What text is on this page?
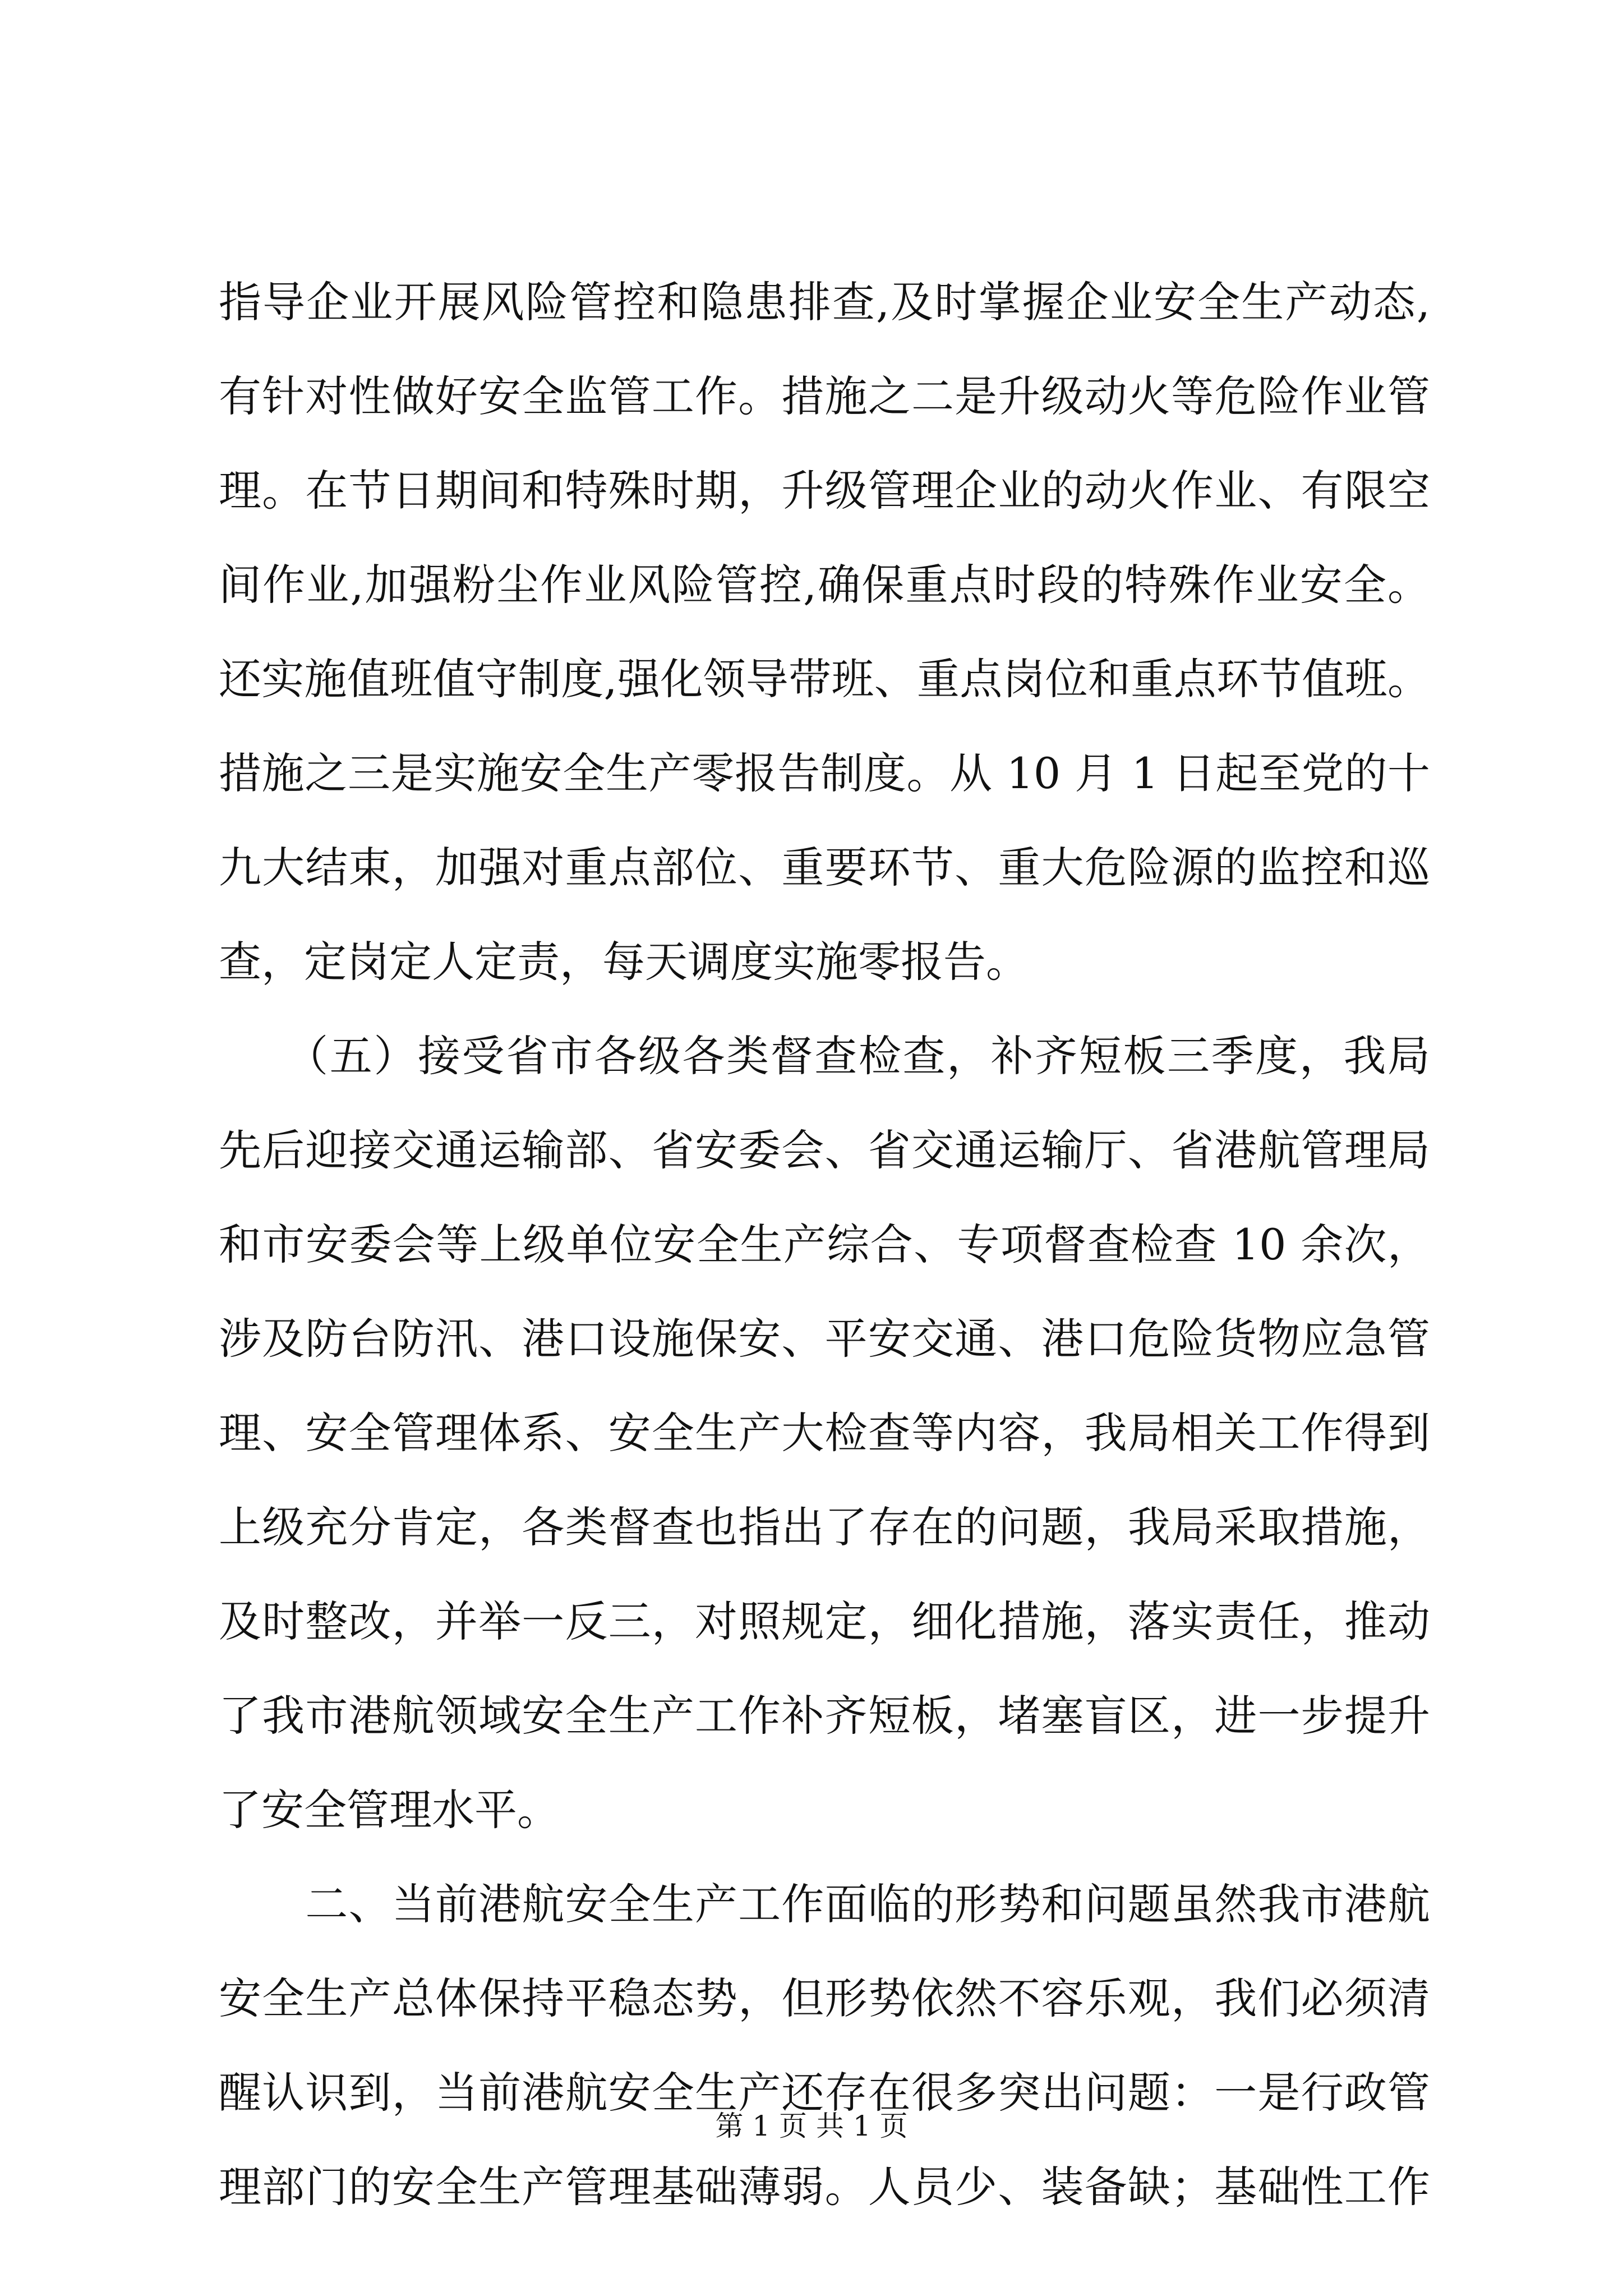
指导企业开展风险管控和隐患排查,及时掌握企业安全生产动态,
有针对性做好安全监管工作。措施之二是升级动火等危险作业管
理。在节日期间和特殊时期，升级管理企业的动火作业、有限空
间作业,加强粉尘作业风险管控,确保重点时段的特殊作业安全。
还实施值班值守制度,强化领导带班、重点岗位和重点环节值班。
措施之三是实施安全生产零报告制度。从 10 月 1 日起至党的十
九大结束，加强对重点部位、重要环节、重大危险源的监控和巡
查，定岗定人定责，每天调度实施零报告。
　　（五）接受省市各级各类督查检查，补齐短板三季度，我局
先后迎接交通运输部、省安委会、省交通运输厅、省港航管理局
和市安委会等上级单位安全生产综合、专项督查检查 10 余次，
涉及防台防汛、港口设施保安、平安交通、港口危险货物应急管
理、安全管理体系、安全生产大检查等内容，我局相关工作得到
上级充分肯定，各类督查也指出了存在的问题，我局采取措施，
及时整改，并举一反三，对照规定，细化措施，落实责任，推动
了我市港航领域安全生产工作补齐短板，堵塞盲区，进一步提升
了安全管理水平。
　　二、当前港航安全生产工作面临的形势和问题虽然我市港航
安全生产总体保持平稳态势，但形势依然不容乐观，我们必须清
醒认识到，当前港航安全生产还存在很多突出问题：一是行政管
理部门的安全生产管理基础薄弱。人员少、装备缺；基础性工作
第 1 页 共 1 页
